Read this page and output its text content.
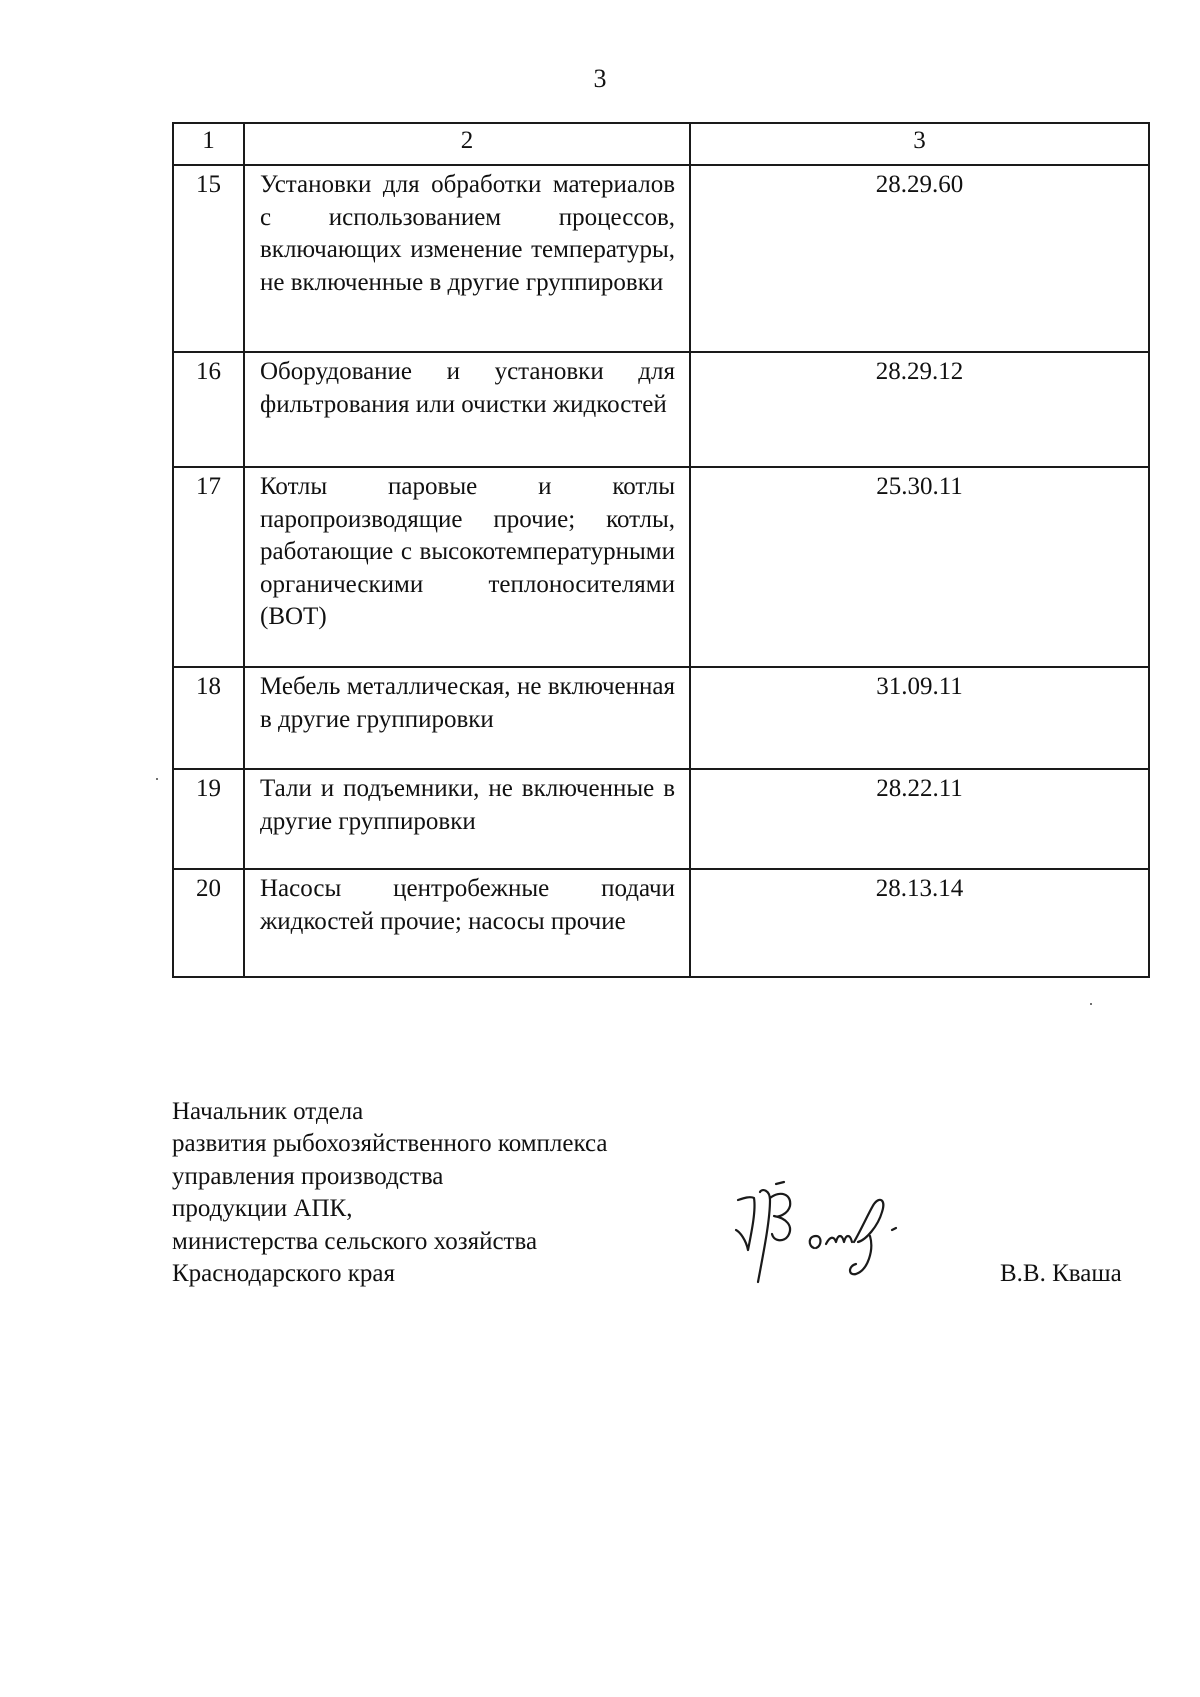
3
1	2	3
15	Установки для обработки материалов с использованием процессов, включающих изменение температуры, не включенные в другие группировки	28.29.60
16	Оборудование и установки для фильтрования или очистки жидкостей	28.29.12
17	Котлы паровые и котлы паропроизводящие прочие; котлы, работающие с высокотемпературными органическими теплоносителями (ВОТ)	25.30.11
18	Мебель металлическая, не включенная в другие группировки	31.09.11
19	Тали и подъемники, не включенные в другие группировки	28.22.11
20	Насосы центробежные подачи жидкостей прочие; насосы прочие	28.13.14
Начальник отдела
развития рыбохозяйственного комплекса
управления производства
продукции АПК,
министерства сельского хозяйства
Краснодарского края	В.В. Кваша
